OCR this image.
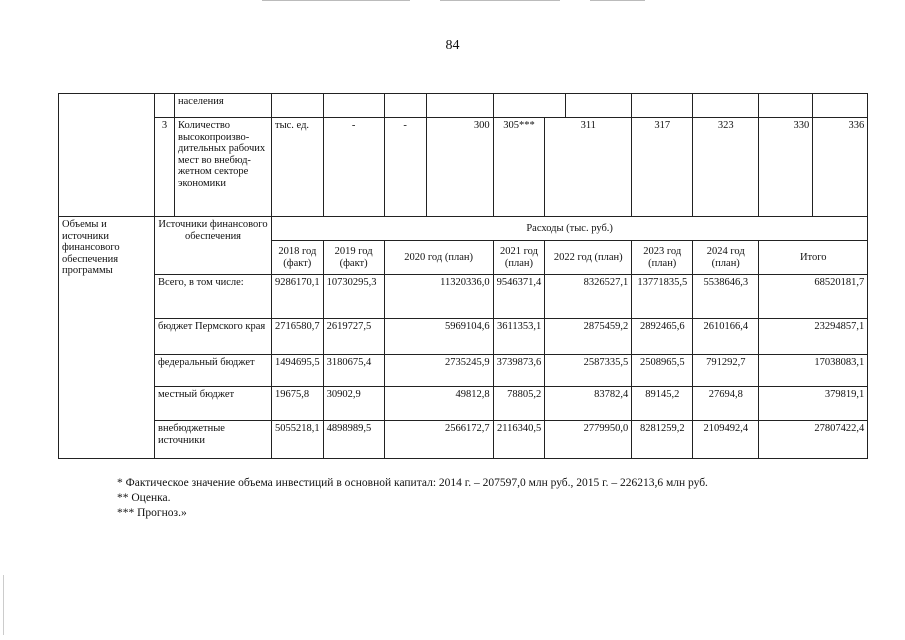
84
		населения											
	3	Количество высокопроизво-дительных рабочих мест во внебюд-жетном секторе экономики	тыс. ед.	-	-	300	305***	311		317	323	330	336
Объемы и источники финансового обеспечения программы	Источники финансового обеспечения		Расходы (тыс. руб.)										
			2018 год (факт)	2019 год (факт)	2020 год (план)		2021 год (план)	2022 год (план)		2023 год (план)	2024 год (план)	Итого	
	Всего, в том числе:		9286170,1	10730295,3	11320336,0		9546371,4	8326527,1		13771835,5	5538646,3	68520181,7	
	бюджет Пермского края		2716580,7	2619727,5	5969104,6		3611353,1	2875459,2		2892465,6	2610166,4	23294857,1	
	федеральный бюджет		1494695,5	3180675,4	2735245,9		3739873,6	2587335,5		2508965,5	791292,7	17038083,1	
	местный бюджет		19675,8	30902,9	49812,8		78805,2	83782,4		89145,2	27694,8	379819,1	
	внебюджетные источники		5055218,1	4898989,5	2566172,7		2116340,5	2779950,0		8281259,2	2109492,4	27807422,4	
* Фактическое значение объема инвестиций в основной капитал: 2014 г. – 207597,0 млн руб., 2015 г. – 226213,6 млн руб.
** Оценка.
*** Прогноз.»
